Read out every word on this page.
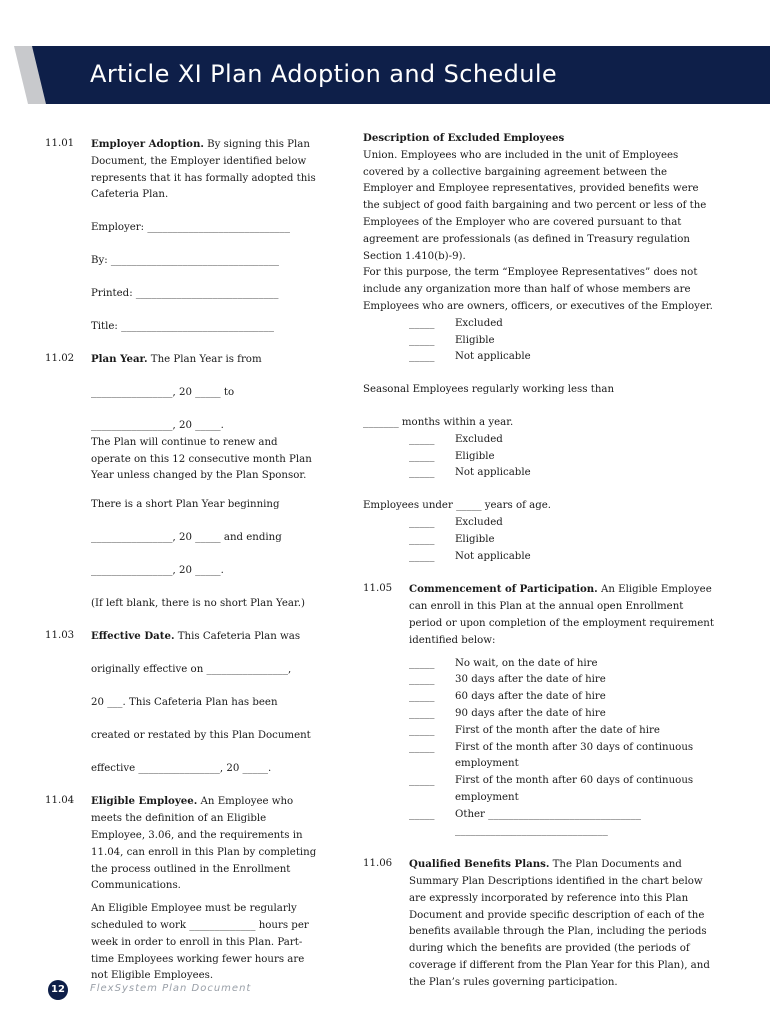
Article XI Plan Adoption and Schedule
11.01 Employer Adoption. By signing this Plan Document, the Employer identified below represents that it has formally adopted this Cafeteria Plan.

Employer: ____________________________

By: _________________________________

Printed: ____________________________

Title: ______________________________

11.02 Plan Year. The Plan Year is from

________________, 20 _____ to

________________, 20 _____.

The Plan will continue to renew and operate on this 12 consecutive month Plan Year unless changed by the Plan Sponsor.

There is a short Plan Year beginning

________________, 20 _____ and ending

________________, 20 _____.

(If left blank, there is no short Plan Year.)

11.03 Effective Date. This Cafeteria Plan was

originally effective on ________________,

20 ___. This Cafeteria Plan has been

created or restated by this Plan Document

effective ________________, 20 _____.

11.04 Eligible Employee. An Employee who meets the definition of an Eligible Employee, 3.06, and the requirements in 11.04, can enroll in this Plan by completing the process outlined in the Enrollment Communications.

An Eligible Employee must be regularly scheduled to work _____________ hours per week in order to enroll in this Plan. Part-time Employees working fewer hours are not Eligible Employees.

Description of Excluded Employees

Union. Employees who are included in the unit of Employees covered by a collective bargaining agreement between the Employer and Employee representatives, provided benefits were the subject of good faith bargaining and two percent or less of the Employees of the Employer who are covered pursuant to that agreement are professionals (as defined in Treasury regulation Section 1.410(b)-9).

For this purpose, the term “Employee Representatives” does not include any organization more than half of whose members are Employees who are owners, officers, or executives of the Employer.

_____	Excluded
_____	Eligible
_____	Not applicable

Seasonal Employees regularly working less than

_______ months within a year.

_____	Excluded
_____	Eligible
_____	Not applicable

Employees under _____ years of age.

_____	Excluded
_____	Eligible
_____	Not applicable
11.05 Commencement of Participation. An Eligible Employee can enroll in this Plan at the annual open Enrollment period or upon completion of the employment requirement identified below:

_____	No wait, on the date of hire
_____	30 days after the date of hire
_____	60 days after the date of hire
_____	90 days after the date of hire
_____	First of the month after the date of hire
_____	First of the month after 30 days of continuous employment
_____	First of the month after 60 days of continuous employment
_____	Other ______________________________ ______________________________
11.06 Qualified Benefits Plans. The Plan Documents and Summary Plan Descriptions identified in the chart below are expressly incorporated by reference into this Plan Document and provide specific description of each of the benefits available through the Plan, including the periods during which the benefits are provided (the periods of coverage if different from the Plan Year for this Plan), and the Plan’s rules governing participation.

12	FlexSystem Plan Document
